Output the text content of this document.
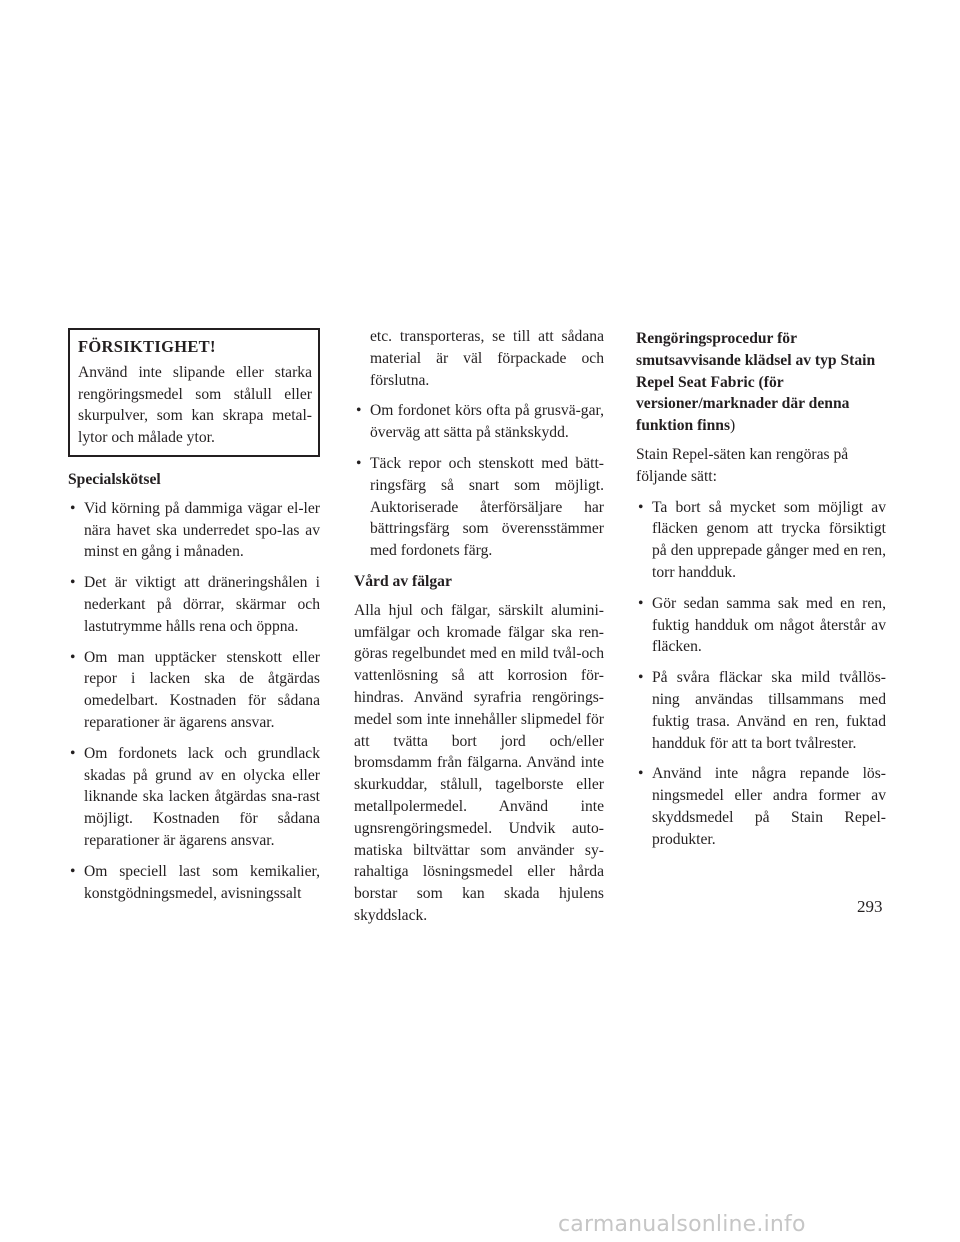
FÖRSIKTIGHET!

Använd inte slipande eller starka rengöringsmedel som stålull eller skurpulver, som kan skrapa metal-lytor och målade ytor.

Specialskötsel

• Vid körning på dammiga vägar el-ler nära havet ska underredet spo-las av minst en gång i månaden.
• Det är viktigt att dräneringshålen i nederkant på dörrar, skärmar och lastutrymme hålls rena och öppna.
• Om man upptäcker stenskott eller repor i lacken ska de åtgärdas omedelbart. Kostnaden för sådana reparationer är ägarens ansvar.
• Om fordonets lack och grundlack skadas på grund av en olycka eller liknande ska lacken åtgärdas sna-rast möjligt. Kostnaden för sådana reparationer är ägarens ansvar.
• Om speciell last som kemikalier, konstgödningsmedel, avisningssalt

etc. transporteras, se till att sådana material är väl förpackade och förslutna.

• Om fordonet körs ofta på grusvä-gar, överväg att sätta på stänkskydd.
• Täck repor och stenskott med bätt-ringsfärg så snart som möjligt. Auktoriserade återförsäljare har bättringsfärg som överensstämmer med fordonets färg.

Vård av fälgar

Alla hjul och fälgar, särskilt alumini-umfälgar och kromade fälgar ska ren-göras regelbundet med en mild tvål-och vattenlösning så att korrosion för-hindras. Använd syrafria rengörings-medel som inte innehåller slipmedel för att tvätta bort jord och/eller bromsdamm från fälgarna. Använd inte skurkuddar, stålull, tagelborste eller metallpolermedel. Använd inte ugnsrengöringsmedel. Undvik auto-matiska biltvättar som använder sy-rahaltiga lösningsmedel eller hårda borstar som kan skada hjulens skyddslack.

Rengöringsprocedur för smutsavvisande klädsel av typ Stain Repel Seat Fabric (för versioner/marknader där denna funktion finns)

Stain Repel-säten kan rengöras på följande sätt:

• Ta bort så mycket som möjligt av fläcken genom att trycka försiktigt på den upprepade gånger med en ren, torr handduk.
• Gör sedan samma sak med en ren, fuktig handduk om något återstår av fläcken.
• På svåra fläckar ska mild tvållös-ning användas tillsammans med fuktig trasa. Använd en ren, fuktad handduk för att ta bort tvålrester.
• Använd inte några repande lös-ningsmedel eller andra former av skyddsmedel på Stain Repel-produkter.
293
carmanualsonline.info
